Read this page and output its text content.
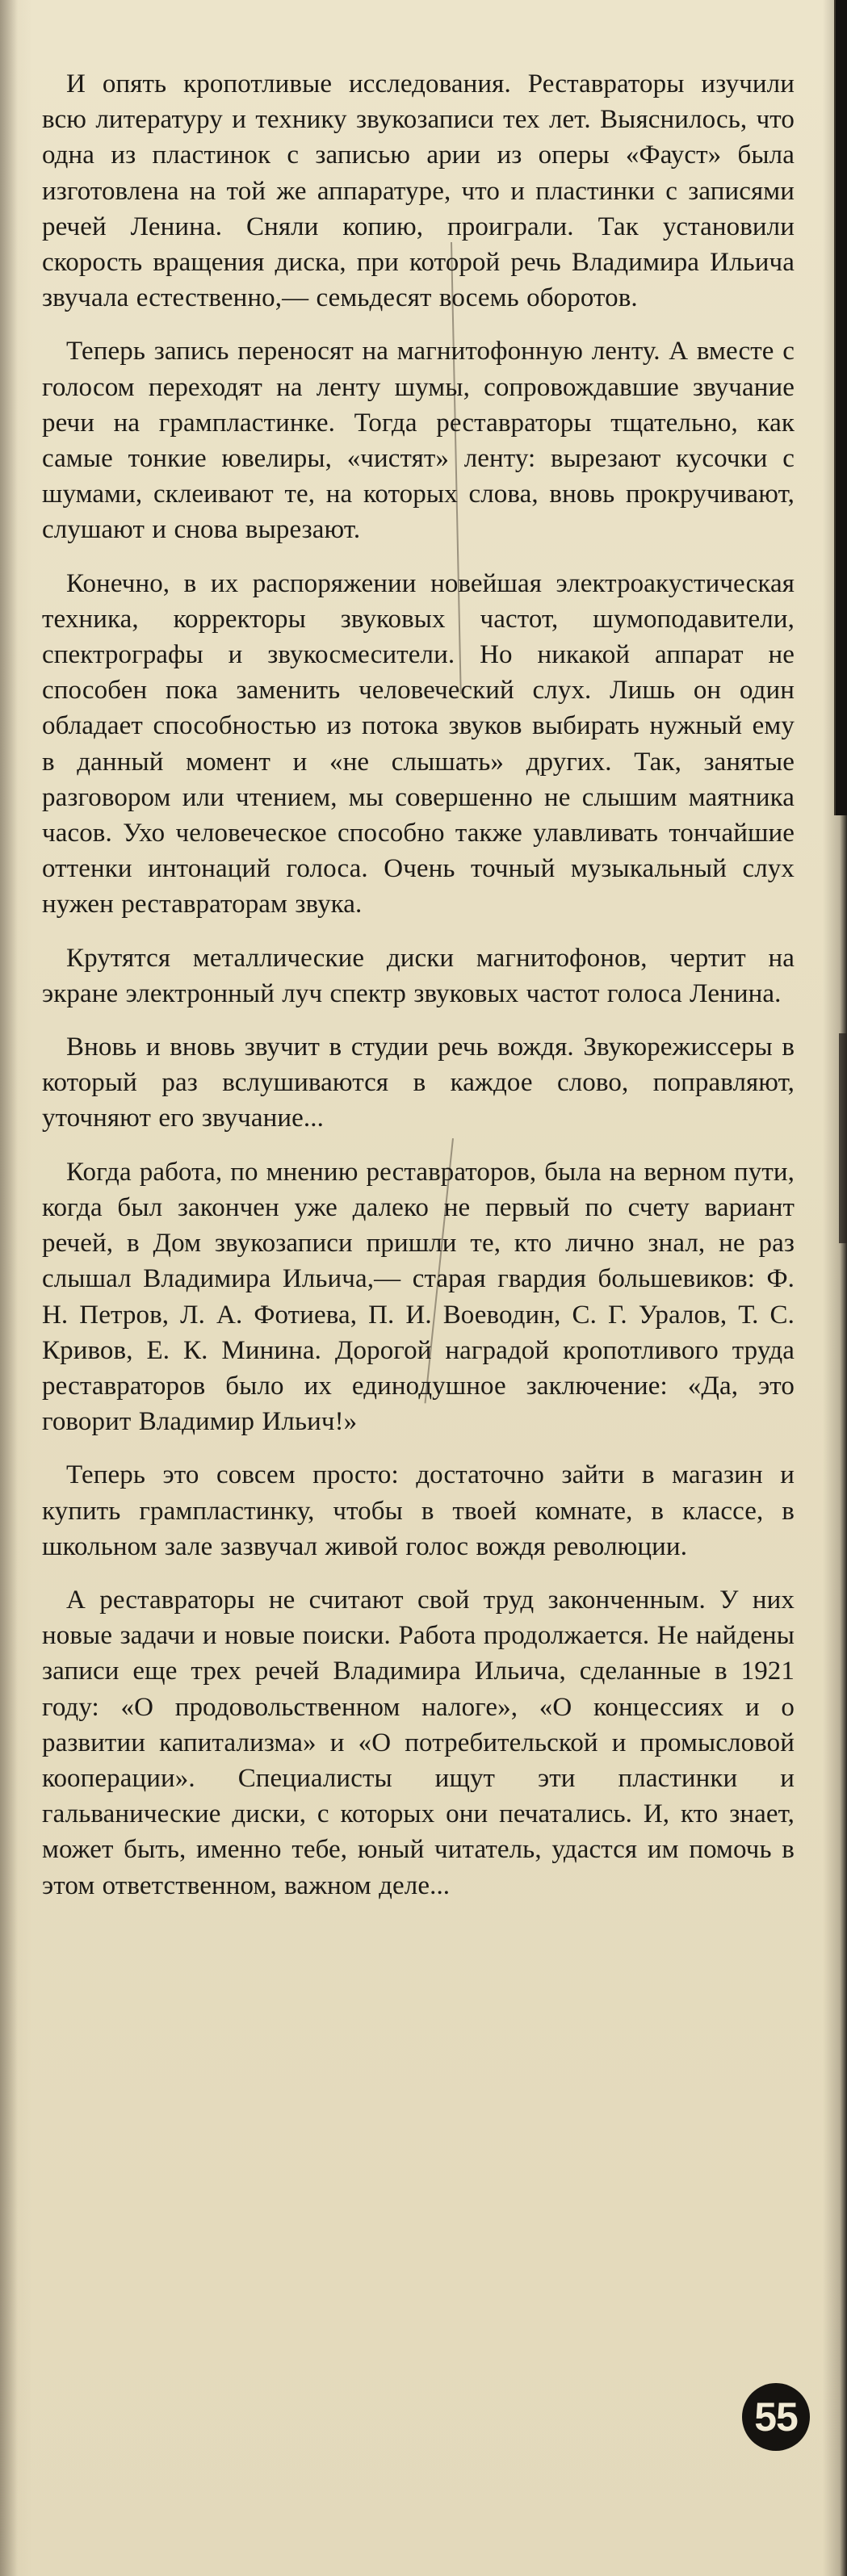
И опять кропотливые исследования. Реставраторы изучили всю литературу и технику звукозаписи тех лет. Выяснилось, что одна из пластинок с записью арии из оперы «Фауст» была изготовлена на той же аппаратуре, что и пластинки с записями речей Ленина. Сняли копию, проиграли. Так установили скорость вращения диска, при которой речь Владимира Ильича звучала естественно,— семьдесят восемь оборотов.

Теперь запись переносят на магнитофонную ленту. А вместе с голосом переходят на ленту шумы, сопровождавшие звучание речи на грампластинке. Тогда реставраторы тщательно, как самые тонкие ювелиры, «чистят» ленту: вырезают кусочки с шумами, склеивают те, на которых слова, вновь прокручивают, слушают и снова вырезают.

Конечно, в их распоряжении новейшая электроакустическая техника, корректоры звуковых частот, шумоподавители, спектрографы и звукосмесители. Но никакой аппарат не способен пока заменить человеческий слух. Лишь он один обладает способностью из потока звуков выбирать нужный ему в данный момент и «не слышать» других. Так, занятые разговором или чтением, мы совершенно не слышим маятника часов. Ухо человеческое способно также улавливать тончайшие оттенки интонаций голоса. Очень точный музыкальный слух нужен реставраторам звука.

Крутятся металлические диски магнитофонов, чертит на экране электронный луч спектр звуковых частот голоса Ленина.

Вновь и вновь звучит в студии речь вождя. Звукорежиссеры в который раз вслушиваются в каждое слово, поправляют, уточняют его звучание...

Когда работа, по мнению реставраторов, была на верном пути, когда был закончен уже далеко не первый по счету вариант речей, в Дом звукозаписи пришли те, кто лично знал, не раз слышал Владимира Ильича,— старая гвардия большевиков: Ф. Н. Петров, Л. А. Фотиева, П. И. Воеводин, С. Г. Уралов, Т. С. Кривов, Е. К. Минина. Дорогой наградой кропотливого труда реставраторов было их единодушное заключение: «Да, это говорит Владимир Ильич!»

Теперь это совсем просто: достаточно зайти в магазин и купить грампластинку, чтобы в твоей комнате, в классе, в школьном зале зазвучал живой голос вождя революции.

А реставраторы не считают свой труд законченным. У них новые задачи и новые поиски. Работа продолжается. Не найдены записи еще трех речей Владимира Ильича, сделанные в 1921 году: «О продовольственном налоге», «О концессиях и о развитии капитализма» и «О потребительской и промысловой кооперации». Специалисты ищут эти пластинки и гальванические диски, с которых они печатались. И, кто знает, может быть, именно тебе, юный читатель, удастся им помочь в этом ответственном, важном деле...

55
